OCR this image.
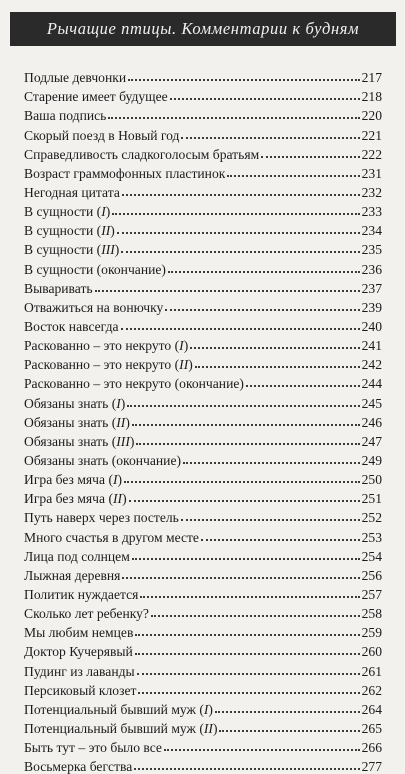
Рычащие птицы. Комментарии к будням
Подлые девчонки	217
Старение имеет будущее	218
Ваша подпись	220
Скорый поезд в Новый год	221
Справедливость сладкоголосым братьям	222
Возраст граммофонных пластинок	231
Негодная цитата	232
В сущности (I)	233
В сущности (II)	234
В сущности (III)	235
В сущности (окончание)	236
Вываривать	237
Отважиться на вонючку	239
Восток навсегда	240
Раскованно – это некруто (I)	241
Раскованно – это некруто (II)	242
Раскованно – это некруто (окончание)	244
Обязаны знать (I)	245
Обязаны знать (II)	246
Обязаны знать (III)	247
Обязаны знать (окончание)	249
Игра без мяча (I)	250
Игра без мяча (II)	251
Путь наверх через постель	252
Много счастья в другом месте	253
Лица под солнцем	254
Лыжная деревня	256
Политик нуждается	257
Сколько лет ребенку?	258
Мы любим немцев	259
Доктор Кучерявый	260
Пудинг из лаванды	261
Персиковый клозет	262
Потенциальный бывший муж (I)	264
Потенциальный бывший муж (II)	265
Быть тут – это было все	266
Восьмерка бегства	277
